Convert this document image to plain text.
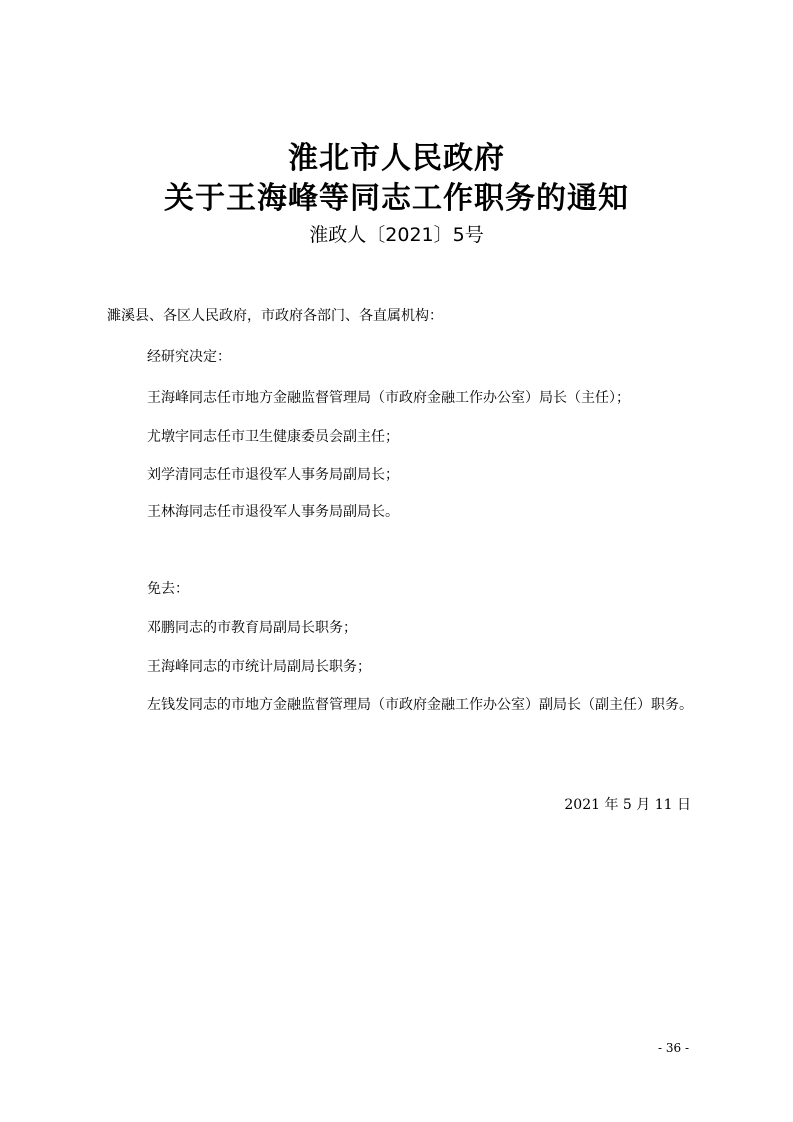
淮北市人民政府
关于王海峰等同志工作职务的通知
淮政人〔2021〕5号
濉溪县、各区人民政府，市政府各部门、各直属机构：
经研究决定：
王海峰同志任市地方金融监督管理局（市政府金融工作办公室）局长（主任）；
尤墩宇同志任市卫生健康委员会副主任；
刘学清同志任市退役军人事务局副局长；
王林海同志任市退役军人事务局副局长。
免去：
邓鹏同志的市教育局副局长职务；
王海峰同志的市统计局副局长职务；
左钱发同志的市地方金融监督管理局（市政府金融工作办公室）副局长（副主任）职务。
2021 年 5 月 11 日
- 36 -
